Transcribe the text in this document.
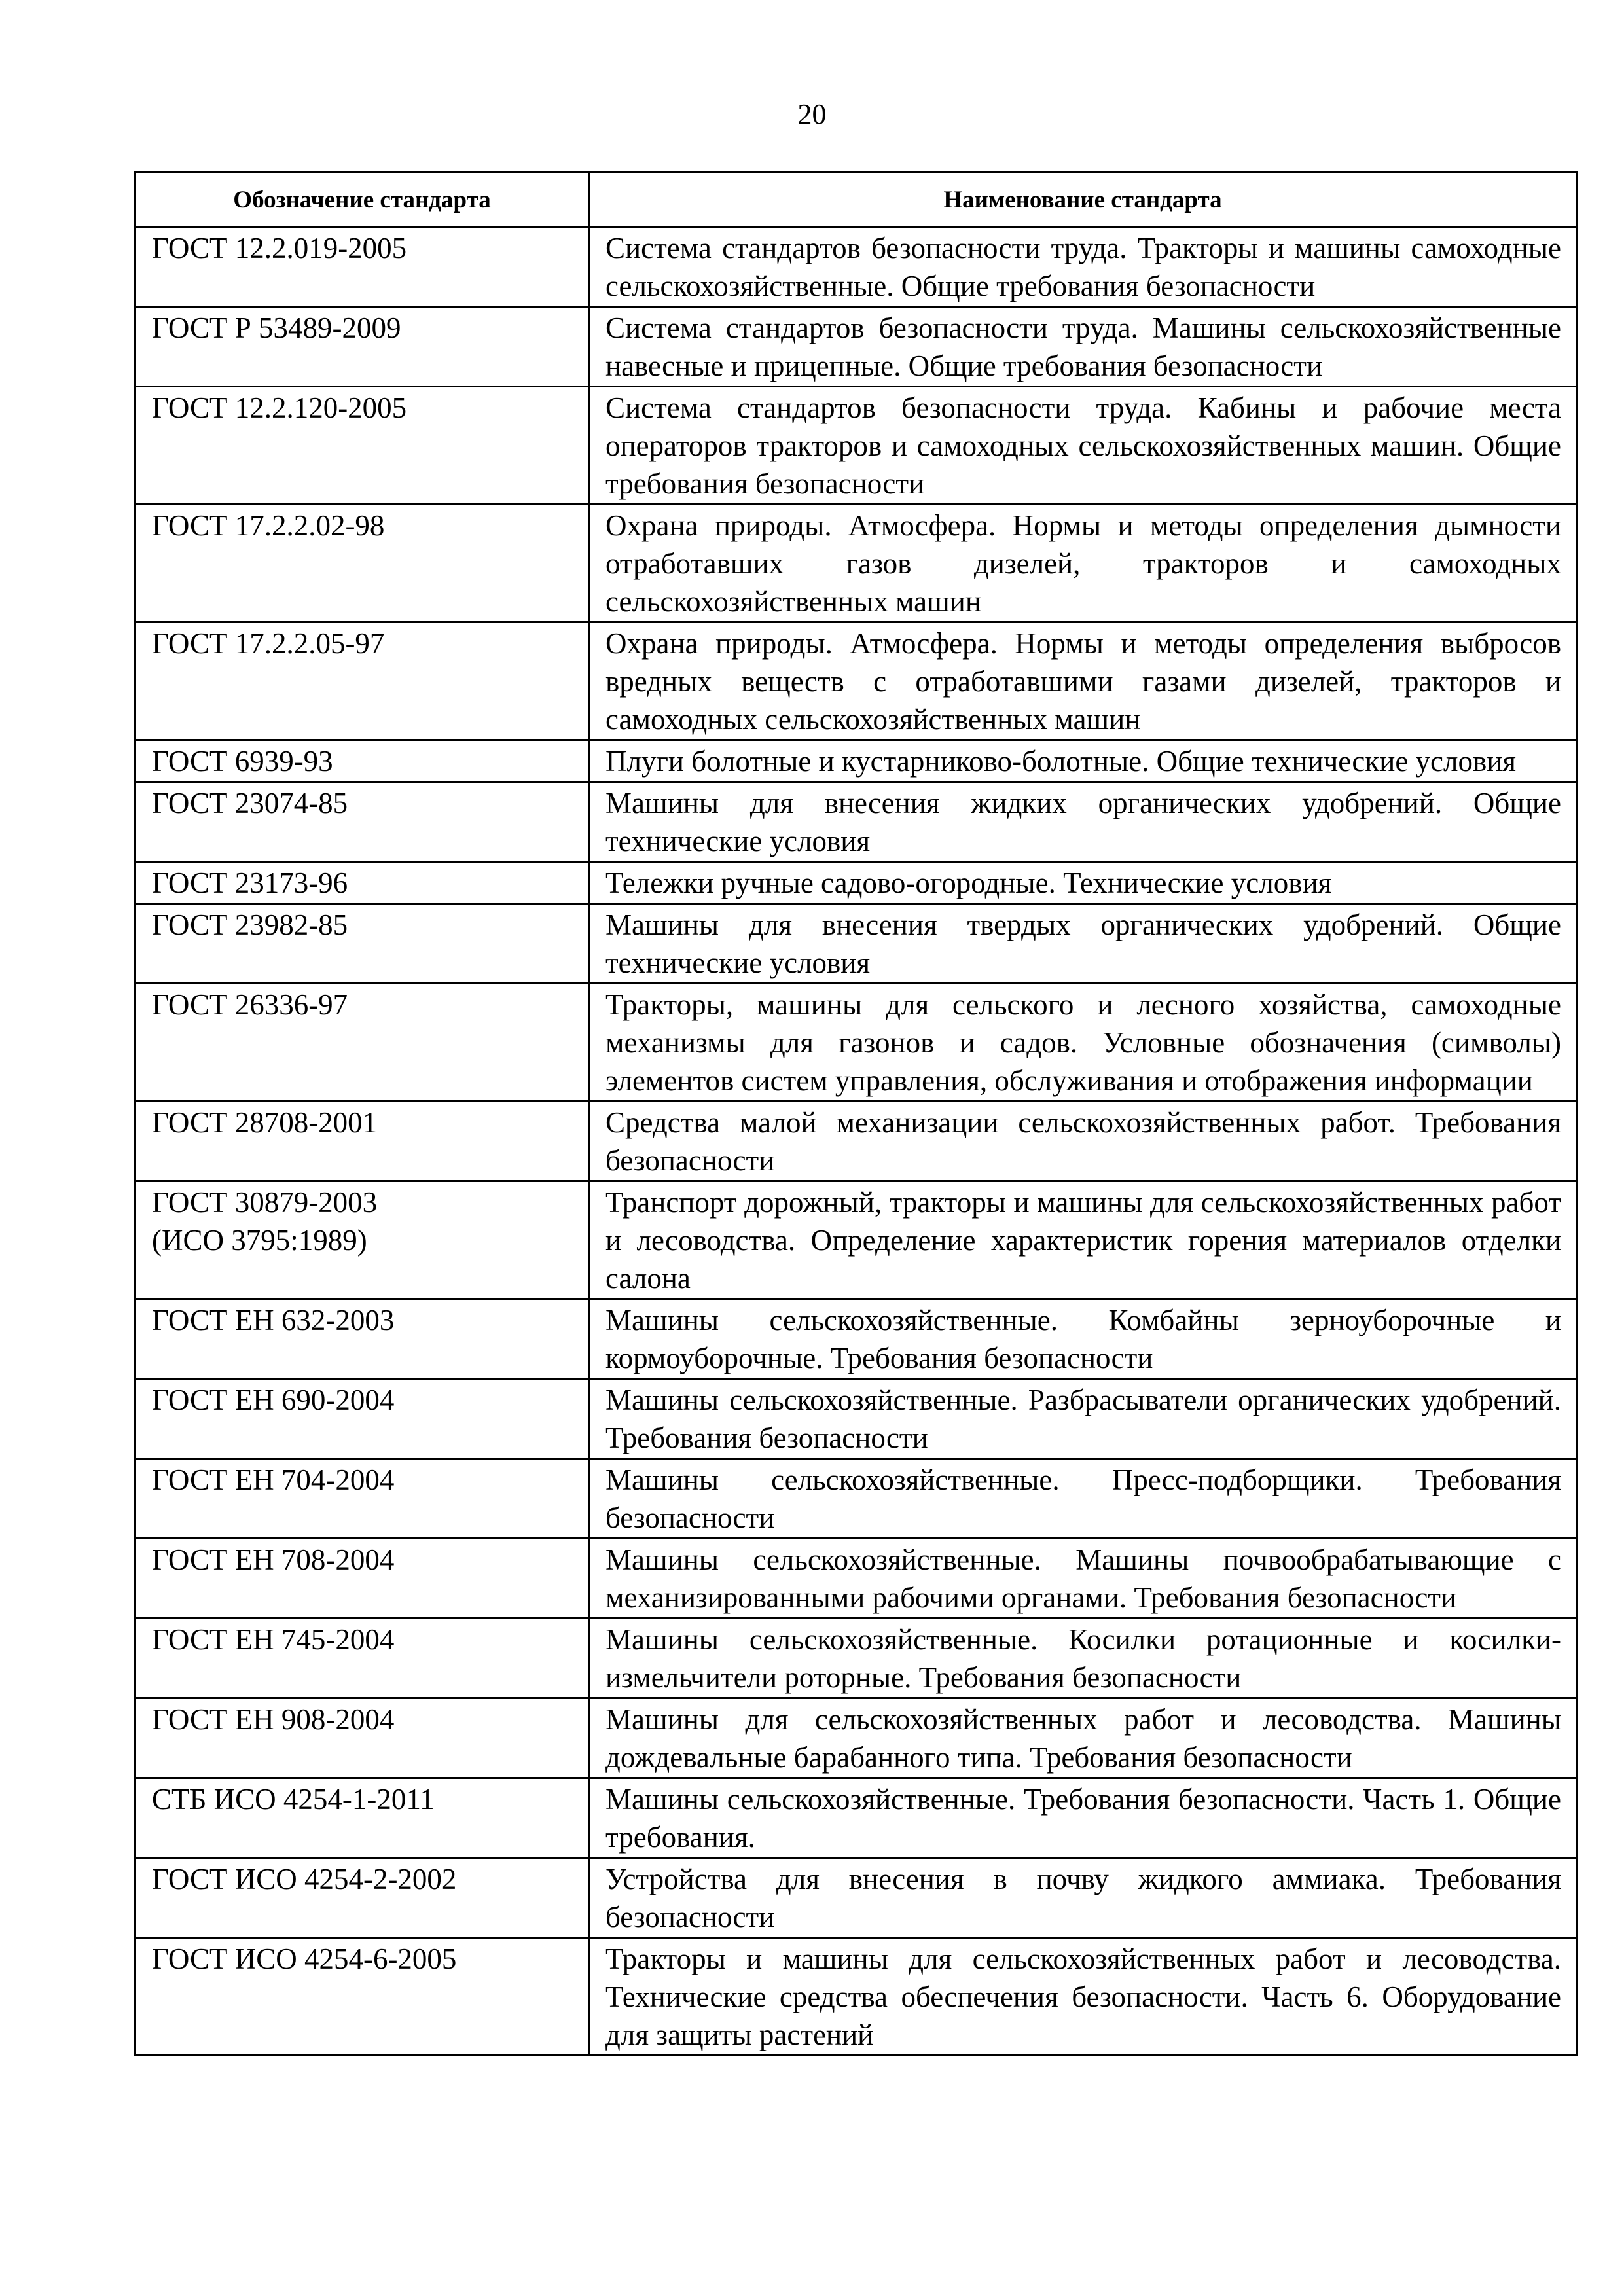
20
Обозначение стандарта	Наименование стандарта

ГОСТ 12.2.019-2005	Система стандартов безопасности труда. Тракторы и машины самоходные сельскохозяйственные. Общие требования безопасности

ГОСТ Р 53489-2009	Система стандартов безопасности труда. Машины сельскохозяйственные навесные и прицепные. Общие требования безопасности

ГОСТ 12.2.120-2005	Система стандартов безопасности труда. Кабины и рабочие места операторов тракторов и самоходных сельскохозяйственных машин. Общие требования безопасности

ГОСТ 17.2.2.02-98	Охрана природы. Атмосфера. Нормы и методы определения дымности отработавших газов дизелей, тракторов и самоходных сельскохозяйственных машин

ГОСТ 17.2.2.05-97	Охрана природы. Атмосфера. Нормы и методы определения выбросов вредных веществ с отработавшими газами дизелей, тракторов и самоходных сельскохозяйственных машин

ГОСТ 6939-93	Плуги болотные и кустарниково-болотные. Общие технические условия

ГОСТ 23074-85	Машины для внесения жидких органических удобрений. Общие технические условия

ГОСТ 23173-96	Тележки ручные садово-огородные. Технические условия

ГОСТ 23982-85	Машины для внесения твердых органических удобрений. Общие технические условия

ГОСТ 26336-97	Тракторы, машины для сельского и лесного хозяйства, самоходные механизмы для газонов и садов. Условные обозначения (символы) элементов систем управления, обслуживания и отображения информации

ГОСТ 28708-2001	Средства малой механизации сельскохозяйственных работ. Требования безопасности

ГОСТ 30879-2003
(ИСО 3795:1989)	Транспорт дорожный, тракторы и машины для сельскохозяйственных работ и лесоводства. Определение характеристик горения материалов отделки салона

ГОСТ ЕН 632-2003	Машины сельскохозяйственные. Комбайны зерноуборочные и кормоуборочные. Требования безопасности

ГОСТ ЕН 690-2004	Машины сельскохозяйственные. Разбрасыватели органических удобрений. Требования безопасности

ГОСТ ЕН 704-2004	Машины сельскохозяйственные. Пресс-подборщики. Требования безопасности

ГОСТ ЕН 708-2004	Машины сельскохозяйственные. Машины почвообрабатывающие с механизированными рабочими органами. Требования безопасности

ГОСТ ЕН 745-2004	Машины сельскохозяйственные. Косилки ротационные и косилки-измельчители роторные. Требования безопасности

ГОСТ ЕН 908-2004	Машины для сельскохозяйственных работ и лесоводства. Машины дождевальные барабанного типа. Требования безопасности

СТБ ИСО 4254-1-2011	Машины сельскохозяйственные. Требования безопасности. Часть 1. Общие требования.

ГОСТ ИСО 4254-2-2002	Устройства для внесения в почву жидкого аммиака. Требования безопасности

ГОСТ ИСО 4254-6-2005	Тракторы и машины для сельскохозяйственных работ и лесоводства. Технические средства обеспечения безопасности. Часть 6. Оборудование для защиты растений
